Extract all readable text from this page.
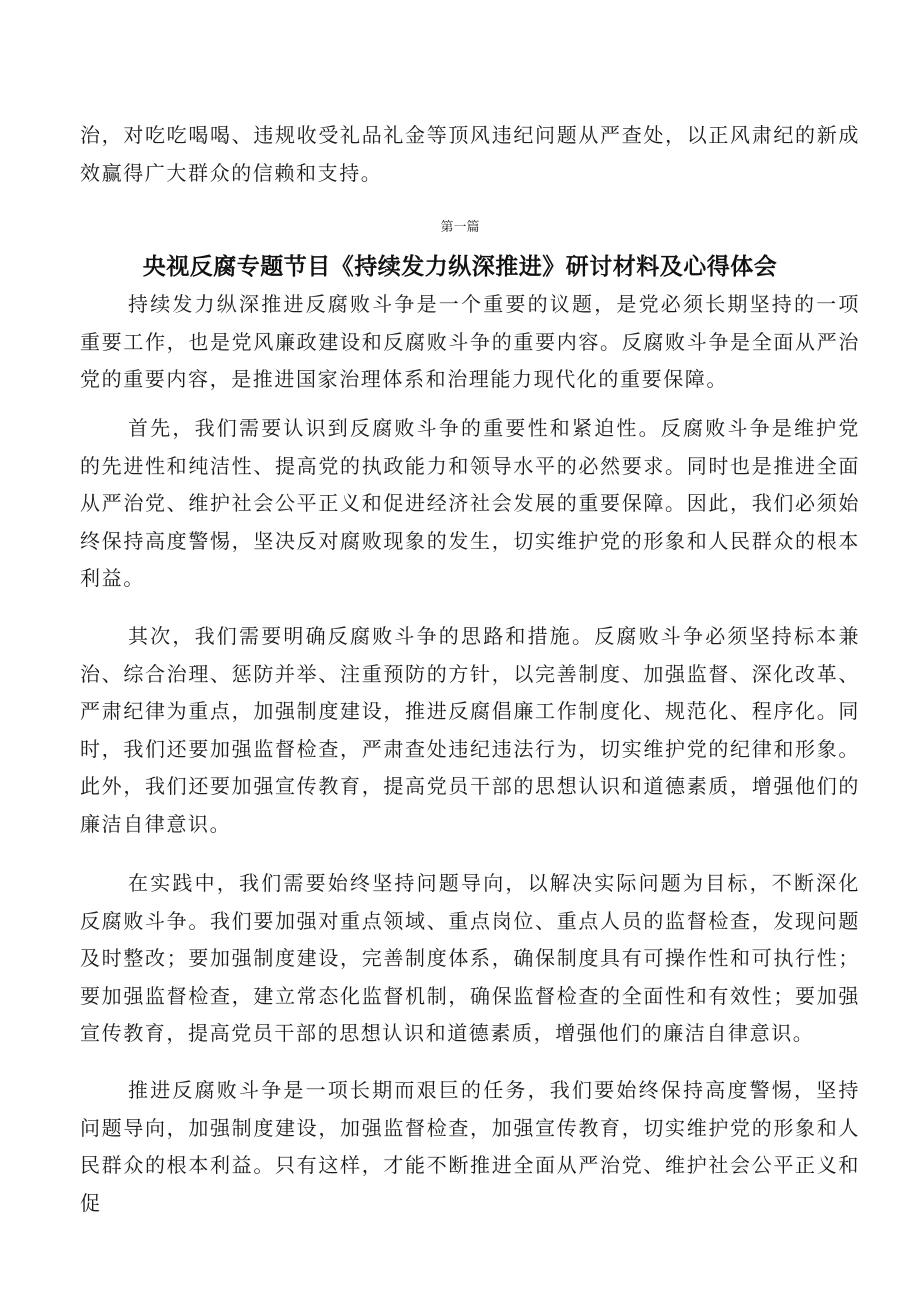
治，对吃吃喝喝、违规收受礼品礼金等顶风违纪问题从严查处，以正风肃纪的新成效赢得广大群众的信赖和支持。

第一篇
央视反腐专题节目《持续发力纵深推进》研讨材料及心得体会

持续发力纵深推进反腐败斗争是一个重要的议题，是党必须长期坚持的一项重要工作，也是党风廉政建设和反腐败斗争的重要内容。反腐败斗争是全面从严治党的重要内容，是推进国家治理体系和治理能力现代化的重要保障。

首先，我们需要认识到反腐败斗争的重要性和紧迫性。反腐败斗争是维护党的先进性和纯洁性、提高党的执政能力和领导水平的必然要求。同时也是推进全面从严治党、维护社会公平正义和促进经济社会发展的重要保障。因此，我们必须始终保持高度警惕，坚决反对腐败现象的发生，切实维护党的形象和人民群众的根本利益。

其次，我们需要明确反腐败斗争的思路和措施。反腐败斗争必须坚持标本兼治、综合治理、惩防并举、注重预防的方针，以完善制度、加强监督、深化改革、严肃纪律为重点，加强制度建设，推进反腐倡廉工作制度化、规范化、程序化。同时，我们还要加强监督检查，严肃查处违纪违法行为，切实维护党的纪律和形象。此外，我们还要加强宣传教育，提高党员干部的思想认识和道德素质，增强他们的廉洁自律意识。

在实践中，我们需要始终坚持问题导向，以解决实际问题为目标，不断深化反腐败斗争。我们要加强对重点领域、重点岗位、重点人员的监督检查，发现问题及时整改；要加强制度建设，完善制度体系，确保制度具有可操作性和可执行性；要加强监督检查，建立常态化监督机制，确保监督检查的全面性和有效性；要加强宣传教育，提高党员干部的思想认识和道德素质，增强他们的廉洁自律意识。

推进反腐败斗争是一项长期而艰巨的任务，我们要始终保持高度警惕，坚持问题导向，加强制度建设，加强监督检查，加强宣传教育，切实维护党的形象和人民群众的根本利益。只有这样，才能不断推进全面从严治党、维护社会公平正义和促
